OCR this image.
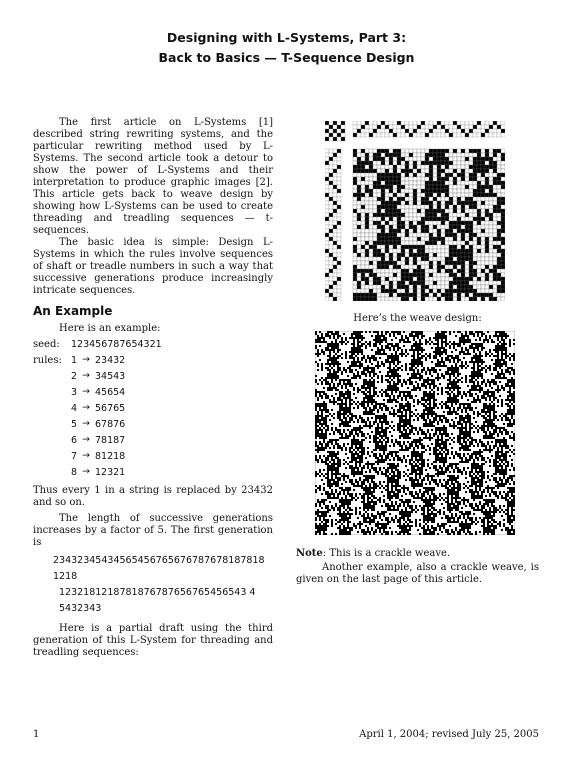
Designing with L-Systems, Part 3:
Back to Basics — T-Sequence Design

The first article on L-Systems [1] described string rewriting systems, and the particular rewriting method used by L-Systems. The second article took a detour to show the power of L-Systems and their interpretation to produce graphic images [2]. This article gets back to weave design by showing how L-Systems can be used to create threading and treadling sequences — t-sequences.

The basic idea is simple: Design L-Systems in which the rules involve sequences of shaft or treadle numbers in such a way that successive generations produce increasingly intricate sequences.

An Example

Here is an example:

seed: 123456787654321
rules: 1 → 23432
2 → 34543
3 → 45654
4 → 56765
5 → 67876
6 → 78187
7 → 81218
8 → 12321

Thus every 1 in a string is replaced by 23432 and so on.

The length of successive generations increases by a factor of 5. The first generation is

23432345434565456765676787678187818 1218
1232181218781876787656765456543 4
5432343

Here is a partial draft using the third generation of this L-System for threading and treadling sequences:

Here’s the weave design:

Note: This is a crackle weave.

Another example, also a crackle weave, is given on the last page of this article.

1	April 1, 2004; revised July 25, 2005
